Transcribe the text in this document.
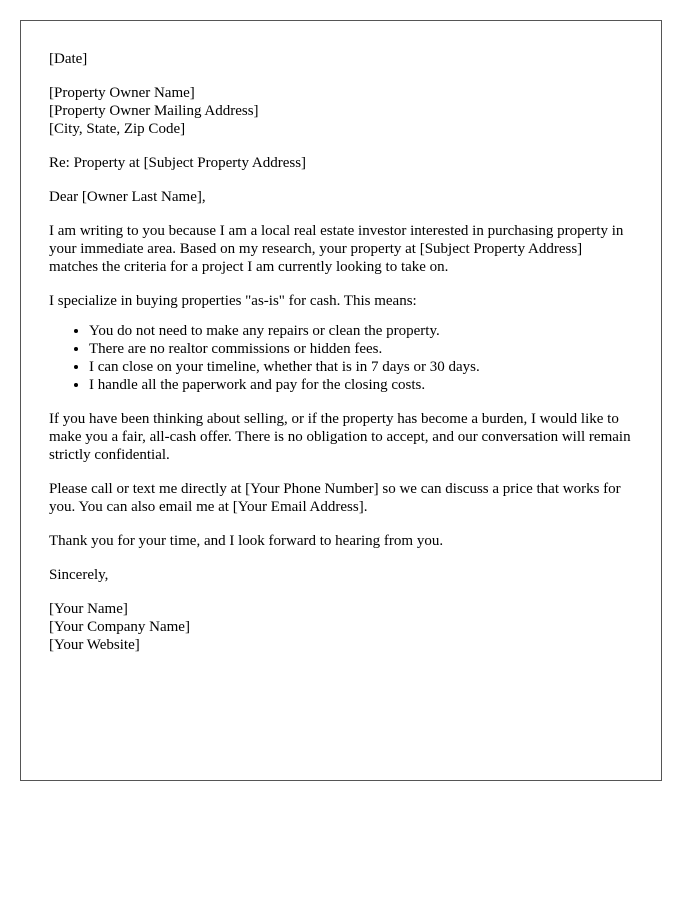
[Date]

[Property Owner Name]
[Property Owner Mailing Address]
[City, State, Zip Code]

Re: Property at [Subject Property Address]

Dear [Owner Last Name],

I am writing to you because I am a local real estate investor interested in purchasing property in your immediate area. Based on my research, your property at [Subject Property Address] matches the criteria for a project I am currently looking to take on.

I specialize in buying properties "as-is" for cash. This means:

• You do not need to make any repairs or clean the property.
• There are no realtor commissions or hidden fees.
• I can close on your timeline, whether that is in 7 days or 30 days.
• I handle all the paperwork and pay for the closing costs.

If you have been thinking about selling, or if the property has become a burden, I would like to make you a fair, all-cash offer. There is no obligation to accept, and our conversation will remain strictly confidential.

Please call or text me directly at [Your Phone Number] so we can discuss a price that works for you. You can also email me at [Your Email Address].

Thank you for your time, and I look forward to hearing from you.

Sincerely,

[Your Name]
[Your Company Name]
[Your Website]
